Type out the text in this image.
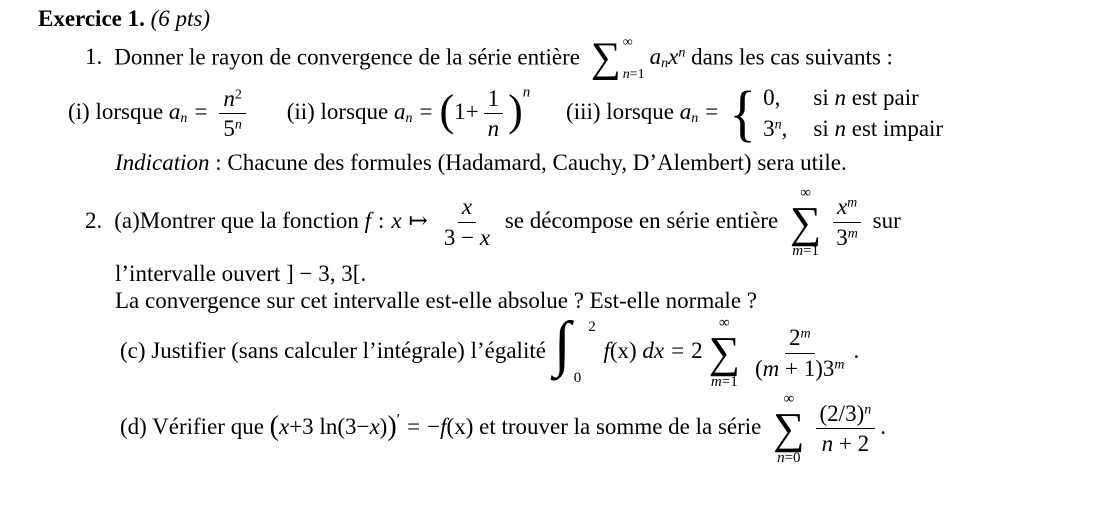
Exercice 1. (6 pts)
1. Donner le rayon de convergence de la série entière ∑ ∞
n=1
$a_nx^n$ dans les cas suivants :
(i) lorsque $a_n = \frac{n^2}{5^n} (ii)$ lorsque $a_n = (1+ \frac{1}{n} )^n$ (iii) lorsque $a_n$ = { 0,	si n est pair
3$^n$, si n est impair
Indication : Chacune des formules (Hadamard, Cauchy, D’Alembert) sera utile.
2. (a)Montrer que la fonction f : x ↦ $\frac{x}{3 - x}$ se décompose en série entière
∞
∑
$m=1 \frac{x^m}{3^m}$ sur
l’intervalle ouvert ] − 3, 3[.
La convergence sur cet intervalle est-elle absolue ? Est-elle normale ?
(c) Justifier (sans calculer l’intégrale) l’égalité ∫ 2
0
f(x) dx = 2
∞
∑
$m=1 \frac{2^m}{(m + 1)3^m}$ .
(d) Vérifier que (x+3 ln(3−x))′ = −f(x) et trouver la somme de la série
∞
∑
$n=0 \frac{(2/3)^n}{n + 2}$ .
